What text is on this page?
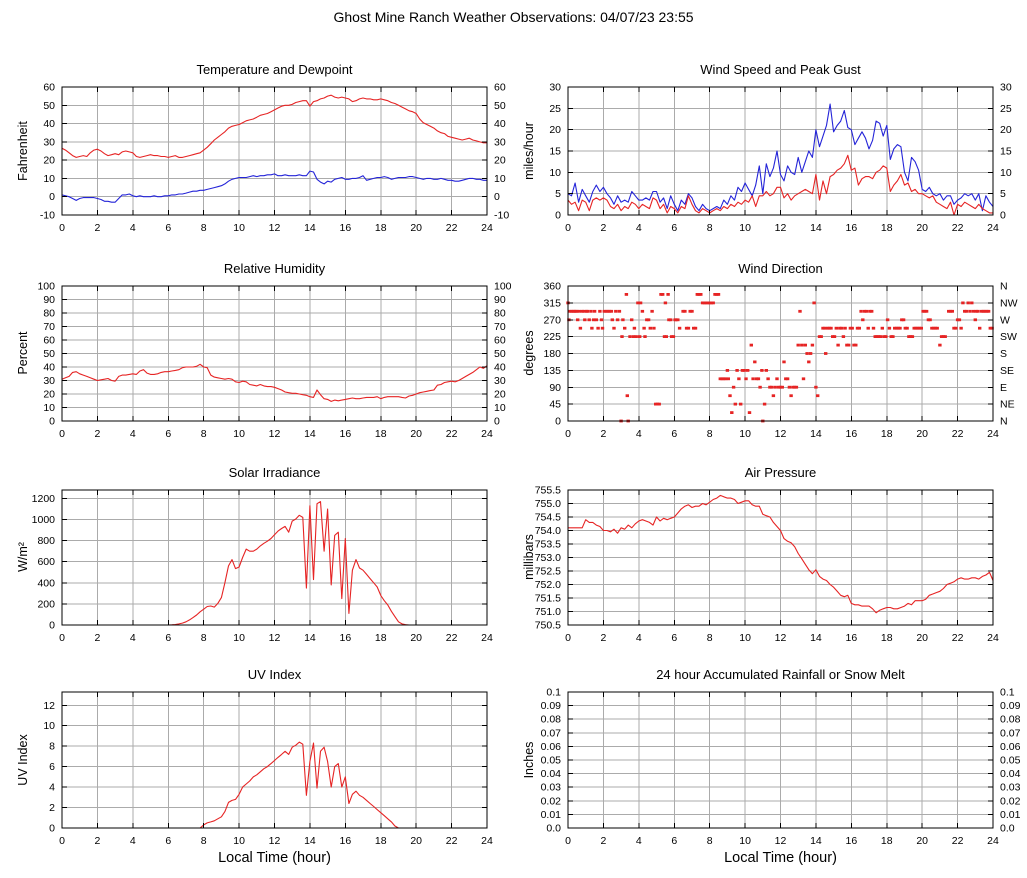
Ghost Mine Ranch Weather Observations: 04/07/23 23:55
Temperature and Dewpoint
Fahrenheit
0	2	4	6	8	10 12 14 16 18 20 22 24
-10	-10
0	0
10	10
20	20
30	30
40	40
50	50
60	60
Wind Speed and Peak Gust
miles/hour
0	2	4	6	8	10 12 14 16 18 20 22 24
0	0
5	5
10	10
15	15
20	20
25	25
30	30
Relative Humidity
Percent
0	2	4	6	8	10 12 14 16 18 20 22 24
0	0
10	10
20	20
30	30
40	40
50	50
60	60
70	70
80	80
90	90
100	100
Wind Direction
degrees
0	2	4	6	8	10 12 14 16 18 20 22 24
0	N
45	NE
90	E
135	SE
180	S
225	SW
270	W
315	NW
360	N
Solar Irradiance
W/m²
0	2	4	6	8	10 12 14 16 18 20 22 24
0
200
400
600
800
1000
1200
Air Pressure
millibars
0	2	4	6	8	10 12 14 16 18 20 22 24
750.5
751.0
751.5
752.0
752.5
753.0
753.5
754.0
754.5
755.0
755.5
UV Index
UV Index
0	2	4	6	8	10 12 14 16 18 20 22 24
0
2
4
6
8
10
12
Local Time (hour)
24 hour Accumulated Rainfall or Snow Melt
Inches
0	2	4	6	8	10 12 14 16 18 20 22 24
0.0	0.0
0.01	0.01
0.02	0.02
0.03	0.03
0.04	0.04
0.05	0.05
0.06	0.06
0.07	0.07
0.08	0.08
0.09	0.09
0.1	0.1
Local Time (hour)
